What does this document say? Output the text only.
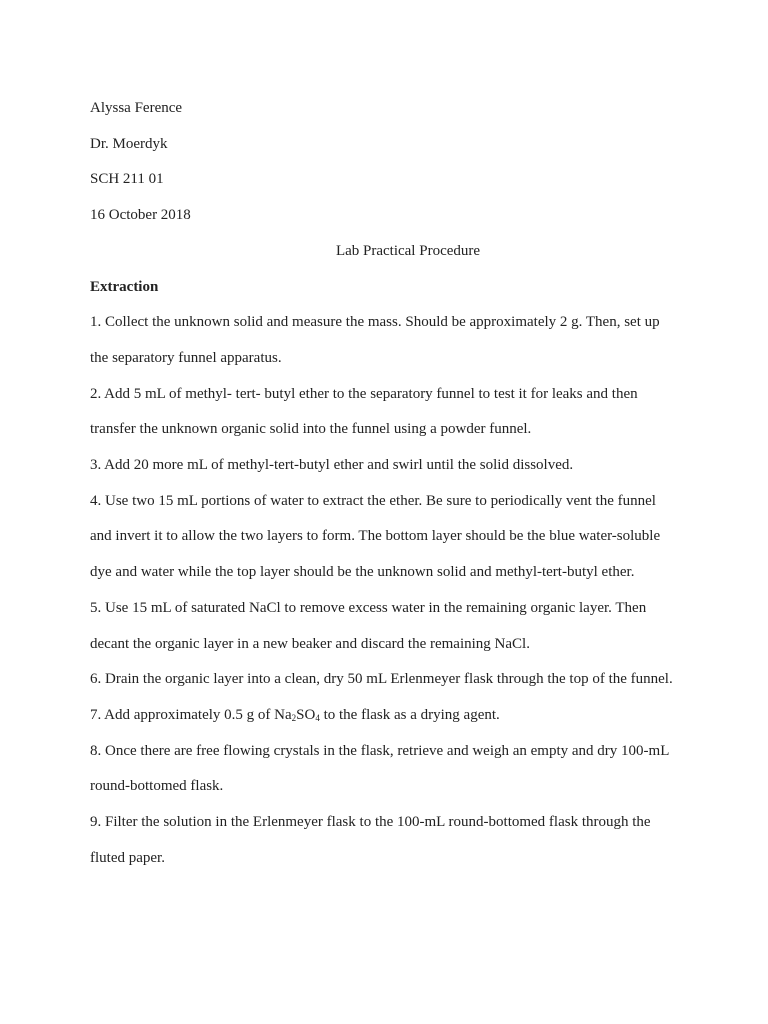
Alyssa Ference

Dr. Moerdyk

SCH 211 01

16 October 2018

Lab Practical Procedure

Extraction

1. Collect the unknown solid and measure the mass. Should be approximately 2 g. Then, set up

the separatory funnel apparatus.

2. Add 5 mL of methyl- tert- butyl ether to the separatory funnel to test it for leaks and then

transfer the unknown organic solid into the funnel using a powder funnel.

3. Add 20 more mL of methyl-tert-butyl ether and swirl until the solid dissolved.

4. Use two 15 mL portions of water to extract the ether. Be sure to periodically vent the funnel

and invert it to allow the two layers to form. The bottom layer should be the blue water-soluble

dye and water while the top layer should be the unknown solid and methyl-tert-butyl ether.

5. Use 15 mL of saturated NaCl to remove excess water in the remaining organic layer. Then

decant the organic layer in a new beaker and discard the remaining NaCl.

6. Drain the organic layer into a clean, dry 50 mL Erlenmeyer flask through the top of the funnel.

7. Add approximately 0.5 g of $Na_2SO_4$ to the flask as a drying agent.

8. Once there are free flowing crystals in the flask, retrieve and weigh an empty and dry 100-mL

round-bottomed flask.

9. Filter the solution in the Erlenmeyer flask to the 100-mL round-bottomed flask through the

fluted paper.
